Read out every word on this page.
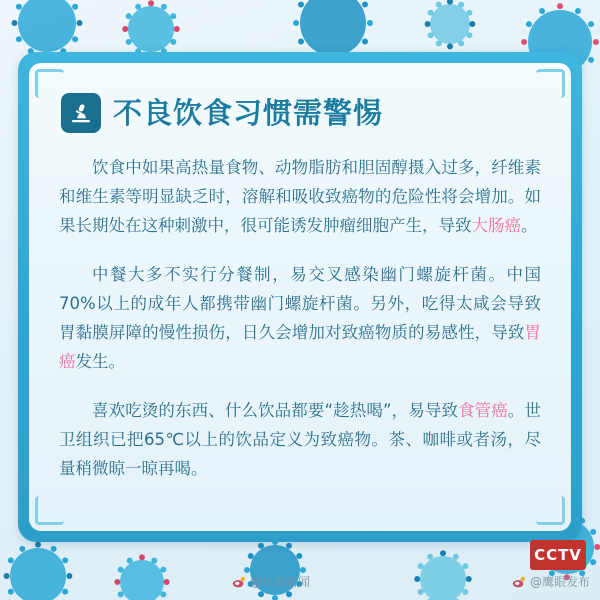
不良饮食习惯需警惕

饮食中如果高热量食物、动物脂肪和胆固醇摄入过多，纤维素和维生素等明显缺乏时，溶解和吸收致癌物的危险性将会增加。如果长期处在这种刺激中，很可能诱发肿瘤细胞产生，导致大肠癌。

中餐大多不实行分餐制，易交叉感染幽门螺旋杆菌。中国70%以上的成年人都携带幽门螺旋杆菌。另外，吃得太咸会导致胃黏膜屏障的慢性损伤，日久会增加对致癌物质的易感性，导致胃癌发生。

喜欢吃烫的东西、什么饮品都要“趁热喝”，易导致食管癌。世卫组织已把65℃以上的饮品定义为致癌物。茶、咖啡或者汤，尽量稍微晾一晾再喝。

CCTV
@央视新闻	@鹰眼发布
